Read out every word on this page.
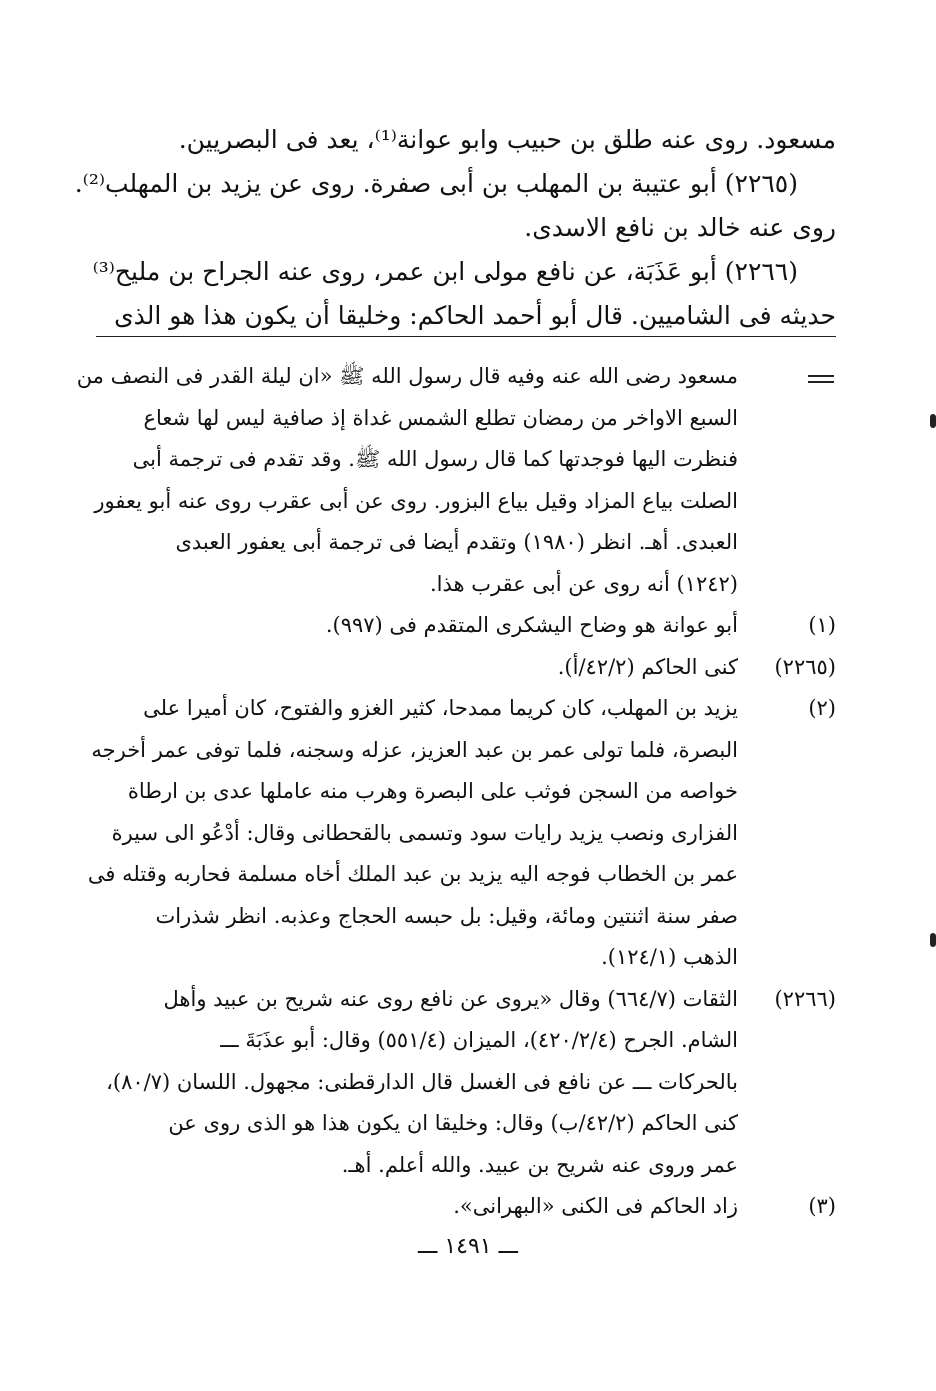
مسعود. روى عنه طلق بن حبيب وابو عوانة⁽¹⁾، يعد فى البصريين.
(٢٢٦٥) أبو عتيبة بن المهلب بن أبى صفرة. روى عن يزيد بن المهلب⁽²⁾.
روى عنه خالد بن نافع الاسدى.
(٢٢٦٦) أبو عَذَبَة، عن نافع مولى ابن عمر، روى عنه الجراح بن مليح⁽³⁾
حديثه فى الشاميين. قال أبو أحمد الحاكم: وخليقا أن يكون هذا هو الذى
مسعود رضى الله عنه وفيه قال رسول الله ﷺ «ان ليلة القدر فى النصف من
السبع الاواخر من رمضان تطلع الشمس غداة إذ صافية ليس لها شعاع
فنظرت اليها فوجدتها كما قال رسول الله ﷺ. وقد تقدم فى ترجمة أبى
الصلت بياع المزاد وقيل بياع البزور. روى عن أبى عقرب روى عنه أبو يعفور
العبدى. أهـ. انظر (١٩٨٠) وتقدم أيضا فى ترجمة أبى يعفور العبدى
(١٢٤٢) أنه روى عن أبى عقرب هذا.
(١)
أبو عوانة هو وضاح اليشكرى المتقدم فى (٩٩٧).
(٢٢٦٥)
كنى الحاكم (٤٢/٢/أ).
(٢)
يزيد بن المهلب، كان كريما ممدحا، كثير الغزو والفتوح، كان أميرا على
البصرة، فلما تولى عمر بن عبد العزيز، عزله وسجنه، فلما توفى عمر أخرجه
خواصه من السجن فوثب على البصرة وهرب منه عاملها عدى بن ارطاة
الفزارى ونصب يزيد رايات سود وتسمى بالقحطانى وقال: أدْعُو الى سيرة
عمر بن الخطاب فوجه اليه يزيد بن عبد الملك أخاه مسلمة فحاربه وقتله فى
صفر سنة اثنتين ومائة، وقيل: بل حبسه الحجاج وعذبه. انظر شذرات
الذهب (١٢٤/١).
(٢٢٦٦)
الثقات (٦٦٤/٧) وقال «يروى عن نافع روى عنه شريح بن عبيد وأهل
الشام. الجرح (٤٢٠/٢/٤)، الميزان (٥٥١/٤) وقال: أبو عذَبَةَ ـــ
بالحركات ـــ عن نافع فى الغسل قال الدارقطنى: مجهول. اللسان (٨٠/٧)،
كنى الحاكم (٤٢/٢/ب) وقال: وخليقا ان يكون هذا هو الذى روى عن
عمر وروى عنه شريح بن عبيد. والله أعلم. أهـ.
(٣)
زاد الحاكم فى الكنى «البهرانى».
ـــ ١٤٩١ ـــ
